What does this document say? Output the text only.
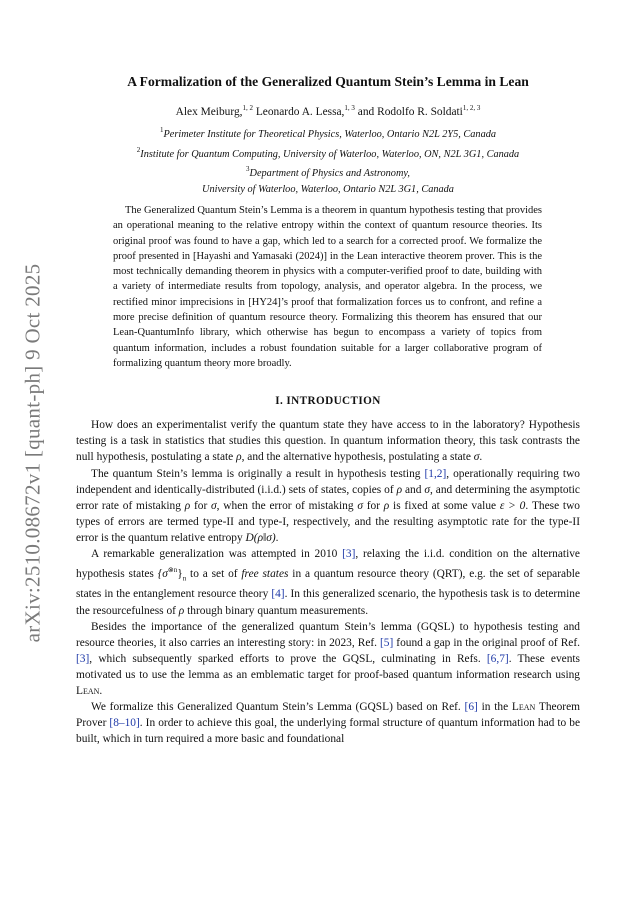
arXiv:2510.08672v1 [quant-ph] 9 Oct 2025
A Formalization of the Generalized Quantum Stein’s Lemma in Lean
Alex Meiburg,$^{1, 2}$ Leonardo A. Lessa,$^{1, 3}$ and Rodolfo R. Soldati$^{1, 2, 3}$
$^1$Perimeter Institute for Theoretical Physics, Waterloo, Ontario N2L 2Y5, Canada
$^2$Institute for Quantum Computing, University of Waterloo, Waterloo, ON, N2L 3G1, Canada
$^3$Department of Physics and Astronomy,
University of Waterloo, Waterloo, Ontario N2L 3G1, Canada
The Generalized Quantum Stein’s Lemma is a theorem in quantum hypothesis testing that provides an operational meaning to the relative entropy within the context of quantum resource theories. Its original proof was found to have a gap, which led to a search for a corrected proof. We formalize the proof presented in [Hayashi and Yamasaki (2024)] in the Lean interactive theorem prover. This is the most technically demanding theorem in physics with a computer-verified proof to date, building with a variety of intermediate results from topology, analysis, and operator algebra. In the process, we rectified minor imprecisions in [HY24]’s proof that formalization forces us to confront, and refine a more precise definition of quantum resource theory. Formalizing this theorem has ensured that our Lean-QuantumInfo library, which otherwise has begun to encompass a variety of topics from quantum information, includes a robust foundation suitable for a larger collaborative program of formalizing quantum theory more broadly.
I. INTRODUCTION

How does an experimentalist verify the quantum state they have access to in the laboratory? Hypothesis testing is a task in statistics that studies this question. In quantum information theory, this task contrasts the null hypothesis, postulating a state ρ, and the alternative hypothesis, postulating a state σ.

The quantum Stein’s lemma is originally a result in hypothesis testing [1,2], operationally requiring two independent and identically-distributed (i.i.d.) sets of states, copies of ρ and σ, and determining the asymptotic error rate of mistaking ρ for σ, when the error of mistaking σ for ρ is fixed at some value ε > 0. These two types of errors are termed type-II and type-I, respectively, and the resulting asymptotic rate for the type-II error is the quantum relative entropy D(ρ‖σ).

A remarkable generalization was attempted in 2010 [3], relaxing the i.i.d. condition on the alternative hypothesis states $\{\sigma^{\otimes n}\}_n$ to a set of free states in a quantum resource theory (QRT), e.g. the set of separable states in the entanglement resource theory [4]. In this generalized scenario, the hypothesis task is to determine the resourcefulness of ρ through binary quantum measurements.

Besides the importance of the generalized quantum Stein’s lemma (GQSL) to hypothesis testing and resource theories, it also carries an interesting story: in 2023, Ref. [5] found a gap in the original proof of Ref. [3], which subsequently sparked efforts to prove the GQSL, culminating in Refs. [6,7]. These events motivated us to use the lemma as an emblematic target for proof-based quantum information research using Lean.

We formalize this Generalized Quantum Stein’s Lemma (GQSL) based on Ref. [6] in the Lean Theorem Prover [8–10]. In order to achieve this goal, the underlying formal structure of quantum information had to be built, which in turn required a more basic and foundational
